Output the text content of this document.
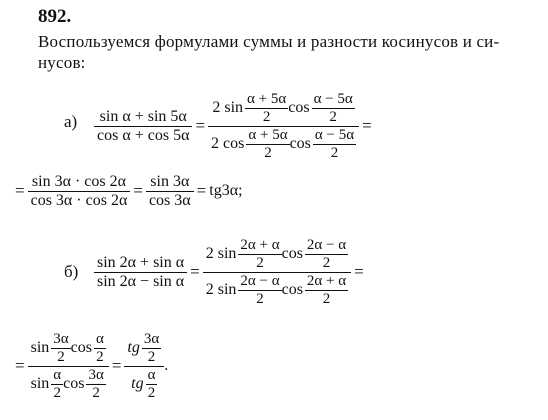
892.
Воспользуемся формулами суммы и разности косинусов и си-
нусов:
$а) \frac{\text{sin α + sin 5α}}{\text{cos α + cos 5α}}$ =
2 $\sin \frac{\alpha + 5\alpha}{2}$ $\cos \frac{\alpha - 5\alpha}{2}$
2 $\cos \frac{\alpha + 5\alpha}{2}$ $\cos \frac{\alpha - 5\alpha}{2}$
=
= $\frac{\sin 3\alpha \cdot \cos 2\alpha}{\cos 3\alpha \cdot \cos 2\alpha} = \frac{\sin 3\alpha}{\cos 3\alpha} = tg3\alpha$;
$б) \frac{\text{sin 2α + sin α}}{\text{sin 2α − sin α}}$ =
2 $\sin \frac{2\alpha + \alpha}{2}$ $\cos \frac{2\alpha - \alpha}{2}$
2 $\sin \frac{2\alpha - \alpha}{2}$ $\cos \frac{2\alpha + \alpha}{2}$
=
=
$\sin \frac{3\alpha}{2}$ $\cos \frac{\alpha}{2}$
$\sin \frac{\alpha}{2}$ $\cos \frac{3\alpha}{2}$
= $\frac{tg \frac{3\alpha}{2}}{tg \frac{\alpha}{2}}$ .
